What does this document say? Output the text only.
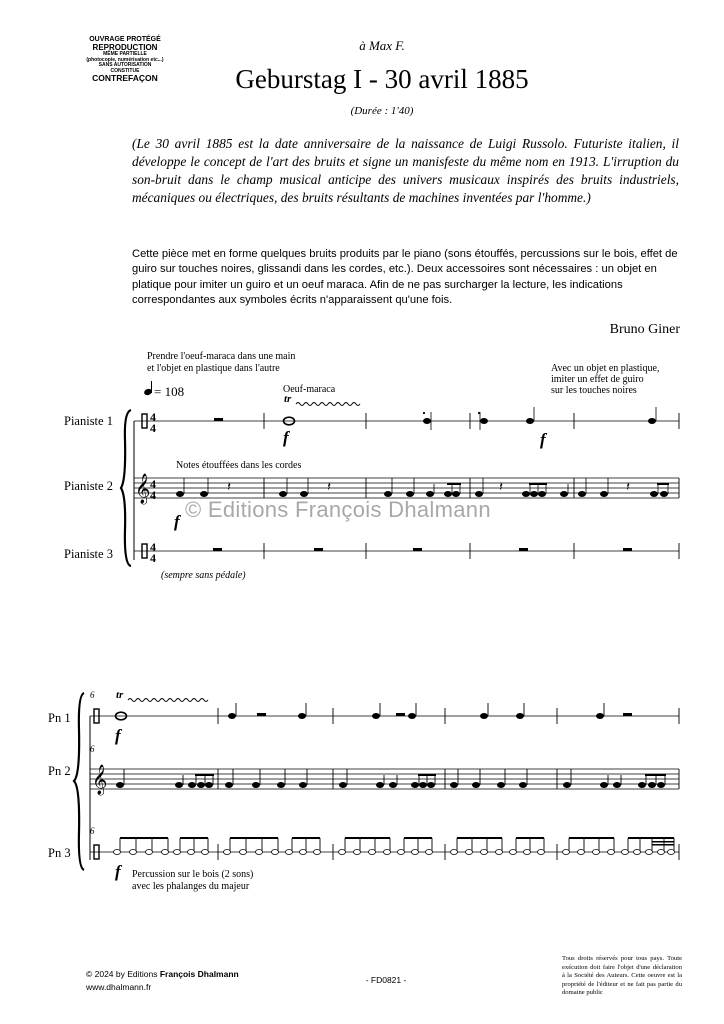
OUVRAGE PROTÉGÉ
REPRODUCTION
MÊME PARTIELLE
(photocopie, numérisation etc...)
SANS AUTORISATION
CONSTITUE
CONTREFAÇON
à Max F.
Geburstag I - 30 avril 1885
(Durée : 1'40)
(Le 30 avril 1885 est la date anniversaire de la naissance de Luigi Russolo. Futuriste italien, il développe le concept de l'art des bruits et signe un manisfeste du même nom en 1913. L'irruption du son-bruit dans le champ musical anticipe des univers musicaux inspirés des bruits industriels, mécaniques ou électriques, des bruits résultants de machines inventées par l'homme.)
Cette pièce met en forme quelques bruits produits par le piano (sons étouffés, percussions sur le bois, effet de guiro sur touches noires, glissandi dans les cordes, etc.). Deux accessoires sont nécessaires : un objet en platique pour imiter un guiro et un oeuf maraca. Afin de ne pas surcharger la lecture, les indications correspondantes aux symboles écrits n'apparaissent qu'une fois.
Bruno Giner
Prendre l'oeuf-maraca dans une main
et l'objet en plastique dans l'autre
= 108	Oeuf-maraca
Avec un objet en plastique,
imiter un effet de guiro
sur les touches noires
Notes étouffées dans les cordes
(sempre sans pédale)
Pianiste 1
Pianiste 2
Pianiste 3
Pn 1
Pn 2
Pn 3
Percussion sur le bois (2 sons)
avec les phalanges du majeur
4
4
4
4
4
4
𝄞
𝄞
𝄽	𝄽	𝄽	𝄽
tr
f	f
f
6
6
6
tr
f
f
© Editions François Dhalmann
© 2024 by Editions François Dhalmann
www.dhalmann.fr
- FD0821 -
Tous droits réservés pour tous pays. Toute exécution doit faire l'objet d'une déclaration à la Société des Auteurs. Cette oeuvre est la propriété de l'éditeur et ne fait pas partie du domaine public
